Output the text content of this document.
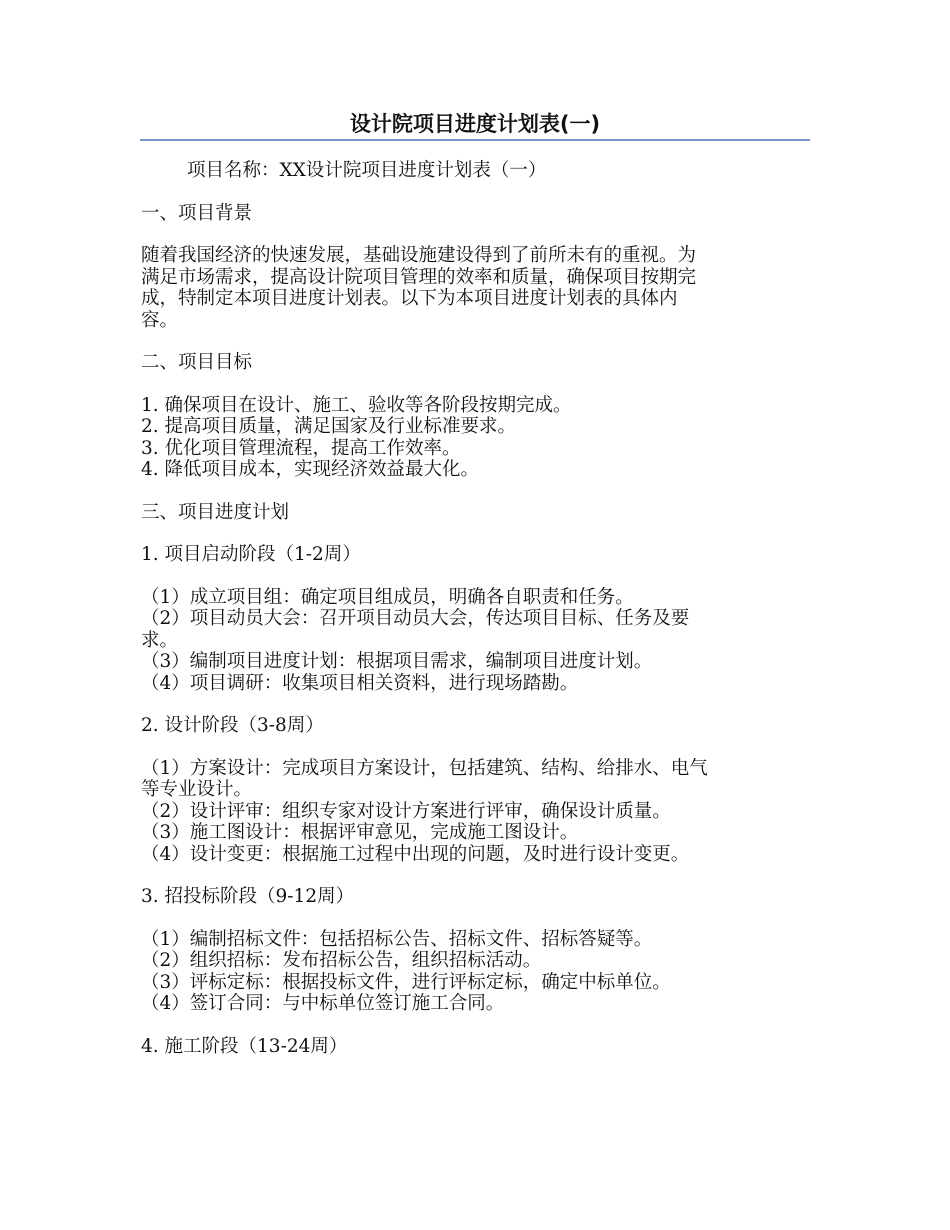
设计院项目进度计划表(一)

项目名称：XX设计院项目进度计划表（一）

一、项目背景

随着我国经济的快速发展，基础设施建设得到了前所未有的重视。为

满足市场需求，提高设计院项目管理的效率和质量，确保项目按期完

成，特制定本项目进度计划表。以下为本项目进度计划表的具体内

容。

二、项目目标

1. 确保项目在设计、施工、验收等各阶段按期完成。

2. 提高项目质量，满足国家及行业标准要求。

3. 优化项目管理流程，提高工作效率。

4. 降低项目成本，实现经济效益最大化。

三、项目进度计划

1. 项目启动阶段（1-2周）

（1）成立项目组：确定项目组成员，明确各自职责和任务。

（2）项目动员大会：召开项目动员大会，传达项目目标、任务及要

求。

（3）编制项目进度计划：根据项目需求，编制项目进度计划。

（4）项目调研：收集项目相关资料，进行现场踏勘。

2. 设计阶段（3-8周）

（1）方案设计：完成项目方案设计，包括建筑、结构、给排水、电气

等专业设计。

（2）设计评审：组织专家对设计方案进行评审，确保设计质量。

（3）施工图设计：根据评审意见，完成施工图设计。

（4）设计变更：根据施工过程中出现的问题，及时进行设计变更。

3. 招投标阶段（9-12周）

（1）编制招标文件：包括招标公告、招标文件、招标答疑等。

（2）组织招标：发布招标公告，组织招标活动。

（3）评标定标：根据投标文件，进行评标定标，确定中标单位。

（4）签订合同：与中标单位签订施工合同。

4. 施工阶段（13-24周）
